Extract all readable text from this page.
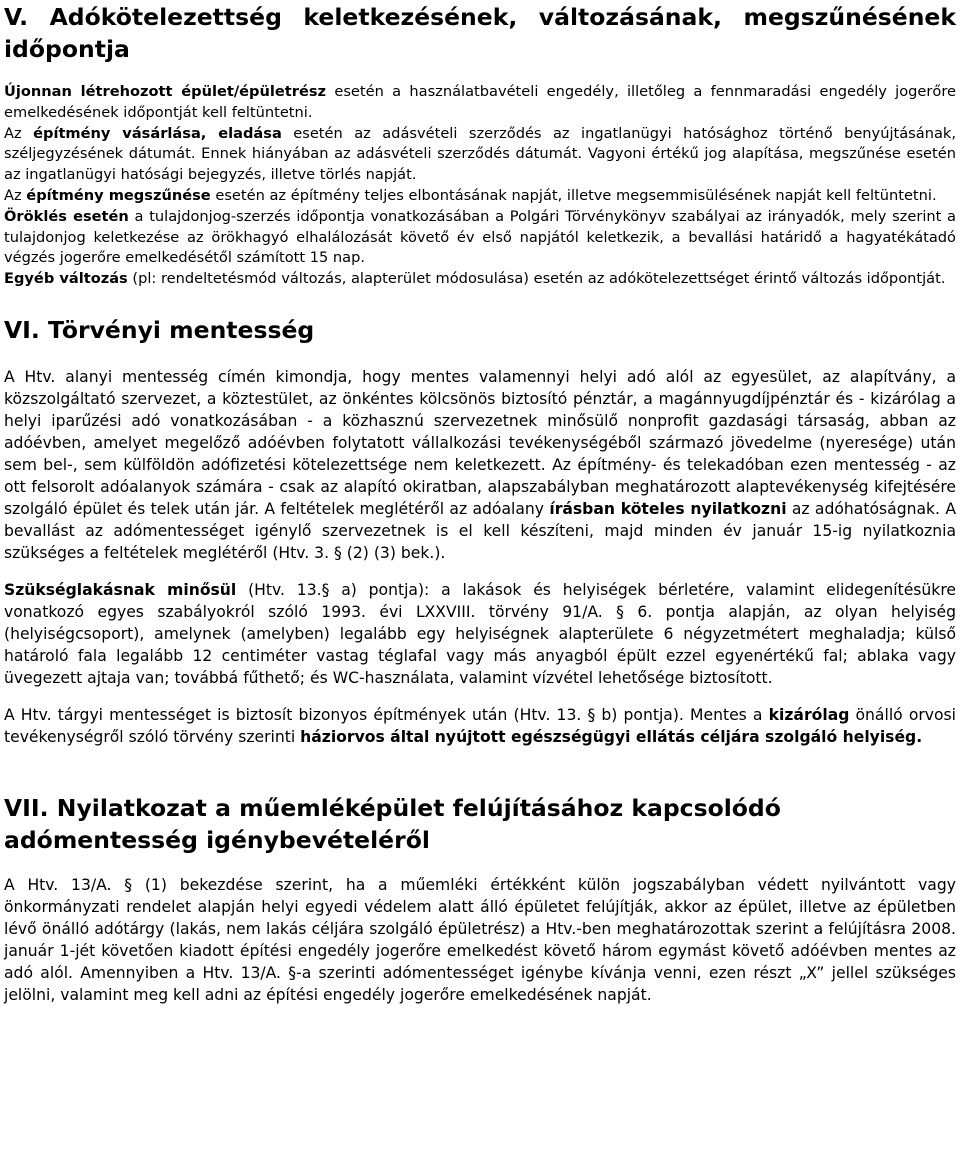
V. Adókötelezettség keletkezésének, változásának, megszűnésének időpontja

Újonnan létrehozott épület/épületrész esetén a használatbavételi engedély, illetőleg a fennmaradási engedély jogerőre emelkedésének időpontját kell feltüntetni.

Az építmény vásárlása, eladása esetén az adásvételi szerződés az ingatlanügyi hatósághoz történő benyújtásának, széljegyzésének dátumát. Ennek hiányában az adásvételi szerződés dátumát. Vagyoni értékű jog alapítása, megszűnése esetén az ingatlanügyi hatósági bejegyzés, illetve törlés napját.

Az építmény megszűnése esetén az építmény teljes elbontásának napját, illetve megsemmisülésének napját kell feltüntetni.

Öröklés esetén a tulajdonjog-szerzés időpontja vonatkozásában a Polgári Törvénykönyv szabályai az irányadók, mely szerint a tulajdonjog keletkezése az örökhagyó elhalálozását követő év első napjától keletkezik, a bevallási határidő a hagyatékátadó végzés jogerőre emelkedésétől számított 15 nap.

Egyéb változás (pl: rendeltetésmód változás, alapterület módosulása) esetén az adókötelezettséget érintő változás időpontját.

VI. Törvényi mentesség

A Htv. alanyi mentesség címén kimondja, hogy mentes valamennyi helyi adó alól az egyesület, az alapítvány, a közszolgáltató szervezet, a köztestület, az önkéntes kölcsönös biztosító pénztár, a magánnyugdíjpénztár és - kizárólag a helyi iparűzési adó vonatkozásában - a közhasznú szervezetnek minősülő nonprofit gazdasági társaság, abban az adóévben, amelyet megelőző adóévben folytatott vállalkozási tevékenységéből származó jövedelme (nyeresége) után sem bel-, sem külföldön adófizetési kötelezettsége nem keletkezett. Az építmény- és telekadóban ezen mentesség - az ott felsorolt adóalanyok számára - csak az alapító okiratban, alapszabályban meghatározott alaptevékenység kifejtésére szolgáló épület és telek után jár. A feltételek meglétéről az adóalany írásban köteles nyilatkozni az adóhatóságnak. A bevallást az adómentességet igénylő szervezetnek is el kell készíteni, majd minden év január 15-ig nyilatkoznia szükséges a feltételek meglétéről (Htv. 3. § (2) (3) bek.).

Szükséglakásnak minősül (Htv. 13.§ a) pontja): a lakások és helyiségek bérletére, valamint elidegenítésükre vonatkozó egyes szabályokról szóló 1993. évi LXXVIII. törvény 91/A. § 6. pontja alapján, az olyan helyiség (helyiségcsoport), amelynek (amelyben) legalább egy helyiségnek alapterülete 6 négyzetmétert meghaladja; külső határoló fala legalább 12 centiméter vastag téglafal vagy más anyagból épült ezzel egyenértékű fal; ablaka vagy üvegezett ajtaja van; továbbá fűthető; és WC-használata, valamint vízvétel lehetősége biztosított.

A Htv. tárgyi mentességet is biztosít bizonyos építmények után (Htv. 13. § b) pontja). Mentes a kizárólag önálló orvosi tevékenységről szóló törvény szerinti háziorvos által nyújtott egészségügyi ellátás céljára szolgáló helyiség.

VII. Nyilatkozat a műemléképület felújításához kapcsolódó adómentesség igénybevételéről

A Htv. 13/A. § (1) bekezdése szerint, ha a műemléki értékként külön jogszabályban védett nyilvántott vagy önkormányzati rendelet alapján helyi egyedi védelem alatt álló épületet felújítják, akkor az épület, illetve az épületben lévő önálló adótárgy (lakás, nem lakás céljára szolgáló épületrész) a Htv.-ben meghatározottak szerint a felújításra 2008. január 1-jét követően kiadott építési engedély jogerőre emelkedést követő három egymást követő adóévben mentes az adó alól. Amennyiben a Htv. 13/A. §-a szerinti adómentességet igénybe kívánja venni, ezen részt „X” jellel szükséges jelölni, valamint meg kell adni az építési engedély jogerőre emelkedésének napját.
